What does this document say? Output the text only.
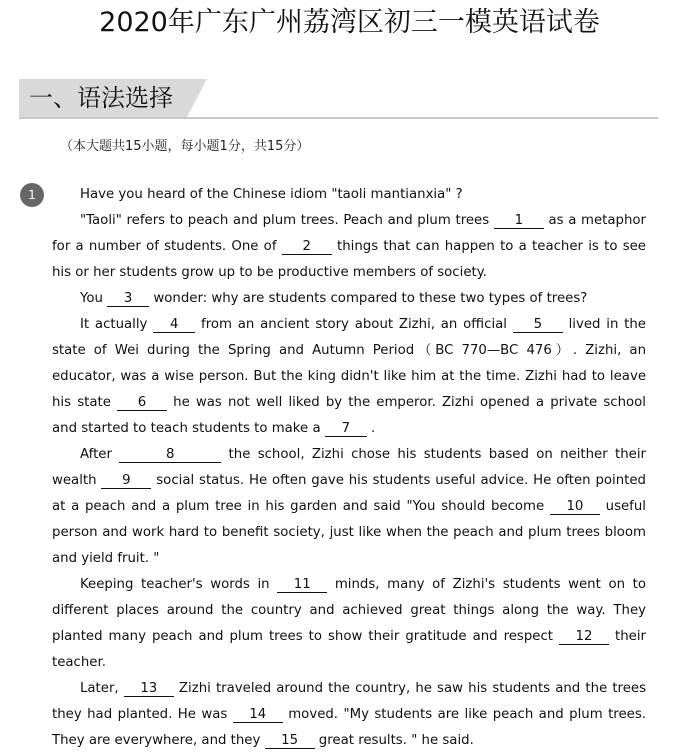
2020年广东广州荔湾区初三一模英语试卷
一、语法选择
（本大题共15小题，每小题1分，共15分）
1	Have you heard of the Chinese idiom "taoli mantianxia" ?

"Taoli" refers to peach and plum trees. Peach and plum trees 1 as a metaphor for a number of students. One of 2 things that can happen to a teacher is to see his or her students grow up to be productive members of society.

You 3 wonder: why are students compared to these two types of trees?

It actually 4 from an ancient story about Zizhi, an official 5 lived in the state of Wei during the Spring and Autumn Period（BC 770—BC 476）. Zizhi, an educator, was a wise person. But the king didn't like him at the time. Zizhi had to leave his state 6 he was not well liked by the emperor. Zizhi opened a private school and started to teach students to make a 7 .

After	8	the school, Zizhi chose his students based on neither their wealth 9 social status. He often gave his students useful advice. He often pointed at a peach and a plum tree in his garden and said "You should become 10 useful person and work hard to benefit society, just like when the peach and plum trees bloom and yield fruit. "

Keeping teacher's words in 11 minds, many of Zizhi's students went on to different places around the country and achieved great things along the way. They planted many peach and plum trees to show their gratitude and respect 12 their teacher.

Later, 13 Zizhi traveled around the country, he saw his students and the trees they had planted. He was 14 moved. "My students are like peach and plum trees. They are everywhere, and they 15 great results. " he said.
